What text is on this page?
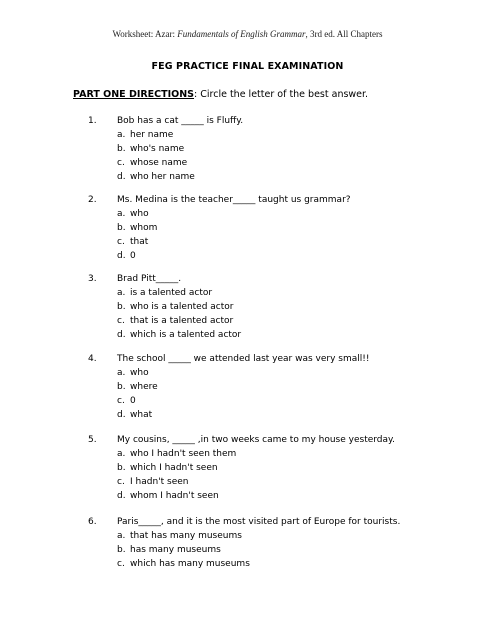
Worksheet: Azar: Fundamentals of English Grammar, 3rd ed. All Chapters
FEG PRACTICE FINAL EXAMINATION
PART ONE DIRECTIONS: Circle the letter of the best answer.
1.	Bob has a cat _____ is Fluffy.
a. her name
b. who's name
c. whose name
d. who her name
2.	Ms. Medina is the teacher_____ taught us grammar?
a. who
b. whom
c. that
d. 0
3.	Brad Pitt_____.
a. is a talented actor
b. who is a talented actor
c. that is a talented actor
d. which is a talented actor
4.	The school _____ we attended last year was very small!!
a. who
b. where
c. 0
d. what
5.	My cousins, _____ ,in two weeks came to my house yesterday.
a. who I hadn't seen them
b. which I hadn't seen
c. I hadn't seen
d. whom I hadn't seen
6.	Paris_____, and it is the most visited part of Europe for tourists.
a. that has many museums
b. has many museums
c. which has many museums
